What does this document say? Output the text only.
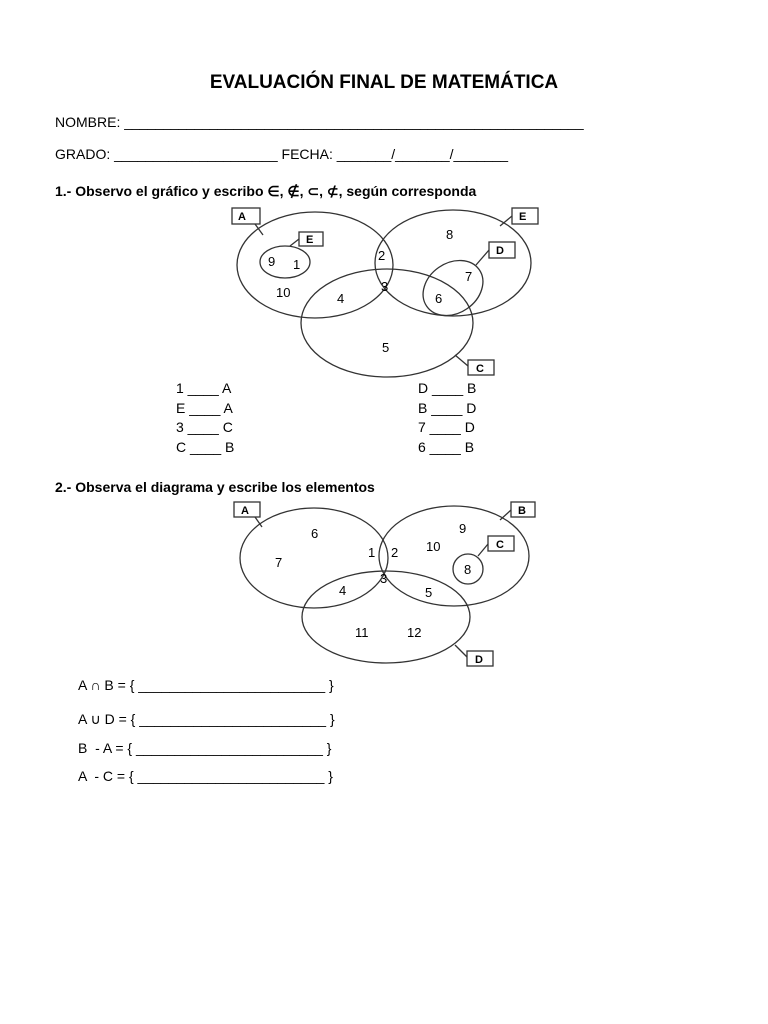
EVALUACIÓN FINAL DE MATEMÁTICA
NOMBRE: ___________________________________________________________
GRADO: _____________________ FECHA: _______/_______/_______
1.- Observo el gráfico y escribo ∈, ∉, ⊂, ⊄, según corresponda
A	E
E
D
C
9 1
10
2
8
3
4
7
6
5
1 ____ A
E ____ A
3 ____ C
C ____ B
D ____ B
B ____ D
7 ____ D
6 ____ B
2.- Observa el diagrama y escribe los elementos
A	B
C
D
6
7
1 2
9
10
8
4
3
5
11	12
A ∩ B = { ________________________ }
A ∪ D = { ________________________ }
B  - A = { ________________________ }
A  - C = { ________________________ }
